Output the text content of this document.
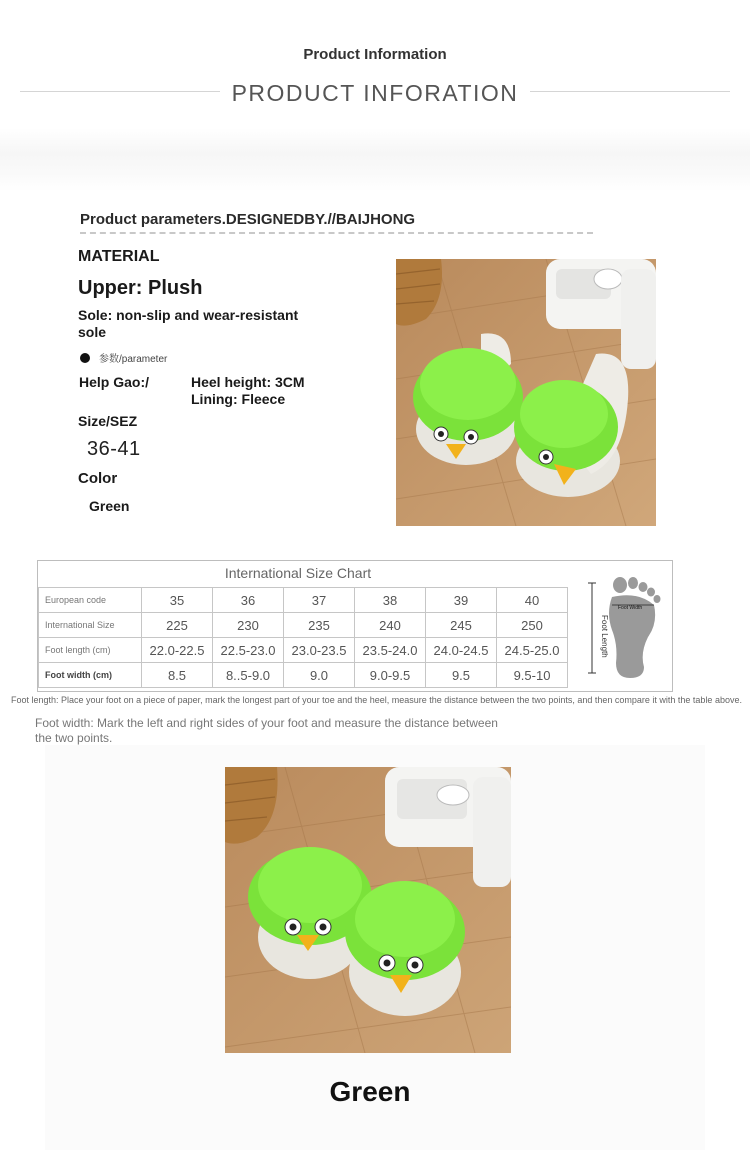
Product Information
PRODUCT INFORATION
Product parameters.DESIGNEDBY.//BAIJHONG
MATERIAL
Upper: Plush
Sole: non-slip and wear-resistant sole
参数/parameter
Help Gao:/	Heel height: 3CM
Lining: Fleece
Size/SEZ
36-41
Color
Green
International Size Chart
European code	35	36	37	38	39	40
International Size	225	230	235	240	245	250
Foot length (cm)	22.0-22.5	22.5-23.0	23.0-23.5	23.5-24.0	24.0-24.5	24.5-25.0
Foot width (cm)	8.5	8..5-9.0	9.0	9.0-9.5	9.5	9.5-10
Foot Length
Foot Width
Foot length: Place your foot on a piece of paper, mark the longest part of your toe and the heel, measure the distance between the two points, and then compare it with the table above.
Foot width: Mark the left and right sides of your foot and measure the distance between the two points.
Green
